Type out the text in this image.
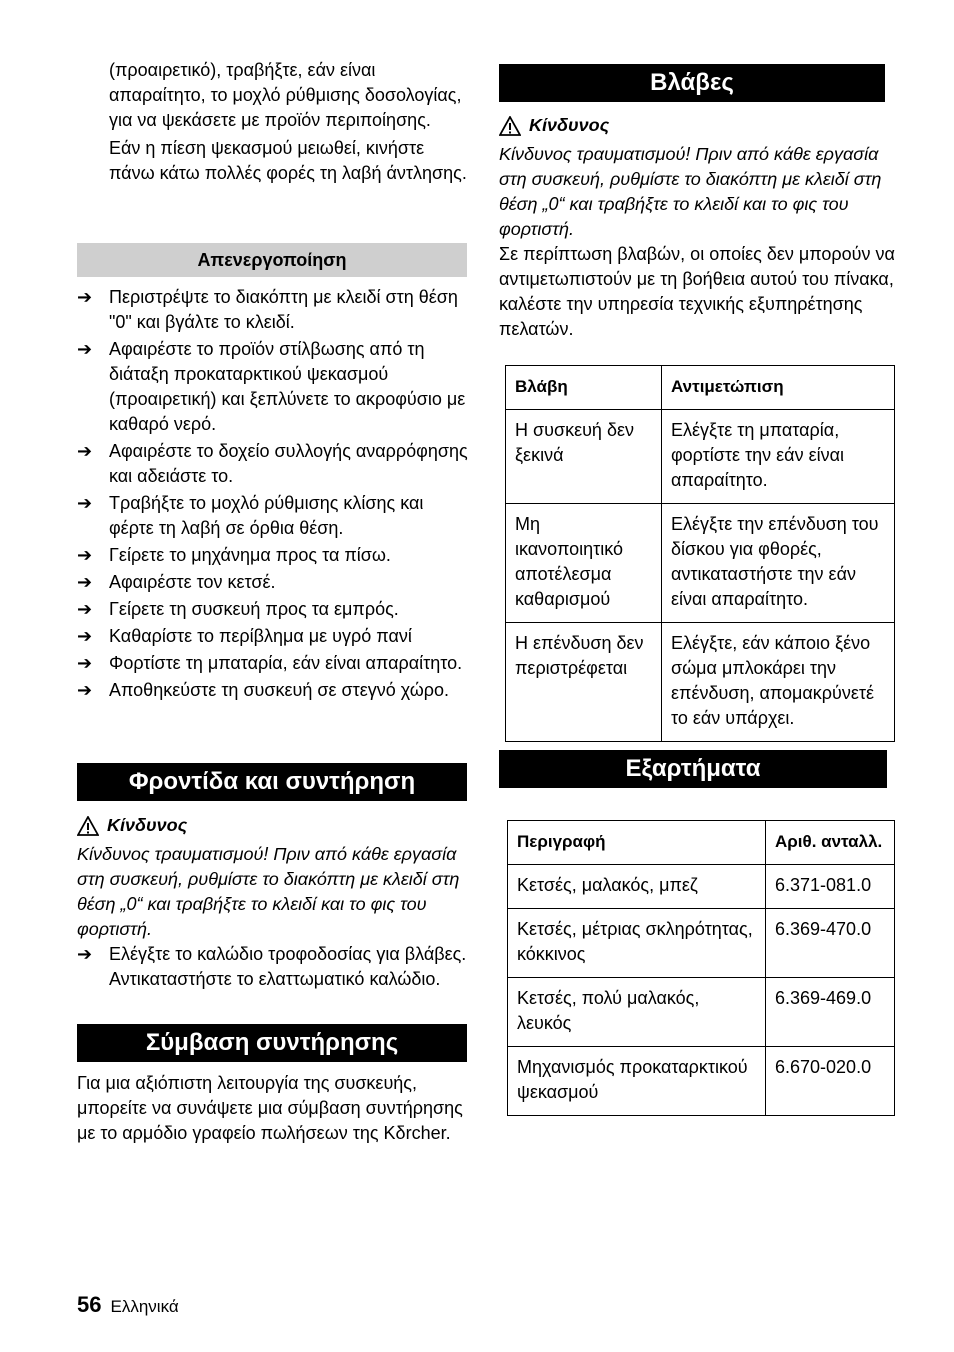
(προαιρετικό), τραβήξτε, εάν είναι απαραίτητο, το μοχλό ρύθμισης δοσολογίας, για να ψεκάσετε με προϊόν περιποίησης.

Εάν η πίεση ψεκασμού μειωθεί, κινήστε πάνω κάτω πολλές φορές τη λαβή άντλησης.

Απενεργοποίηση
➔ Περιστρέψτε το διακόπτη με κλειδί στη θέση "0" και βγάλτε το κλειδί.
➔ Αφαιρέστε το προϊόν στίλβωσης από τη διάταξη προκαταρκτικού ψεκασμού (προαιρετική) και ξεπλύνετε το ακροφύσιο με καθαρό νερό.
➔ Αφαιρέστε το δοχείο συλλογής αναρρόφησης και αδειάστε το.
➔ Τραβήξτε το μοχλό ρύθμισης κλίσης και φέρτε τη λαβή σε όρθια θέση.
➔ Γείρετε το μηχάνημα προς τα πίσω.
➔ Αφαιρέστε τον κετσέ.
➔ Γείρετε τη συσκευή προς τα εμπρός.
➔ Καθαρίστε το περίβλημα με υγρό πανί
➔ Φορτίστε τη μπαταρία, εάν είναι απαραίτητο.
➔ Αποθηκεύστε τη συσκευή σε στεγνό χώρο.
Φροντίδα και συντήρηση
Κίνδυνος

Κίνδυνος τραυματισμού! Πριν από κάθε εργασία στη συσκευή, ρυθμίστε το διακόπτη με κλειδί στη θέση „0“ και τραβήξτε το κλειδί και το φις του φορτιστή.

➔ Ελέγξτε το καλώδιο τροφοδοσίας για βλάβες. Αντικαταστήστε το ελαττωματικό καλώδιο.
Σύμβαση συντήρησης

Για μια αξιόπιστη λειτουργία της συσκευής, μπορείτε να συνάψετε μια σύμβαση συντήρησης με το αρμόδιο γραφείο πωλήσεων της Kδrcher.

Βλάβες
Κίνδυνος

Κίνδυνος τραυματισμού! Πριν από κάθε εργασία στη συσκευή, ρυθμίστε το διακόπτη με κλειδί στη θέση „0“ και τραβήξτε το κλειδί και το φις του φορτιστή.

Σε περίπτωση βλαβών, οι οποίες δεν μπορούν να αντιμετωπιστούν με τη βοήθεια αυτού του πίνακα, καλέστε την υπηρεσία τεχνικής εξυπηρέτησης πελατών.

Βλάβη	Αντιμετώπιση
Η συσκευή δεν ξεκινά	Ελέγξτε τη μπαταρία, φορτίστε την εάν είναι απαραίτητο.
Μη ικανοποιητικό αποτέλεσμα καθαρισμού	Ελέγξτε την επένδυση του δίσκου για φθορές, αντικαταστήστε την εάν είναι απαραίτητο.
Η επένδυση δεν περιστρέφεται	Ελέγξτε, εάν κάποιο ξένο σώμα μπλοκάρει την επένδυση, απομακρύνετέ το εάν υπάρχει.
Εξαρτήματα
Περιγραφή	Αριθ. ανταλλ.
Κετσές, μαλακός, μπεζ	6.371-081.0
Κετσές, μέτριας σκληρότητας, κόκκινος	6.369-470.0
Κετσές, πολύ μαλακός, λευκός	6.369-469.0
Μηχανισμός προκαταρκτικού ψεκασμού	6.670-020.0
56 Ελληνικά
